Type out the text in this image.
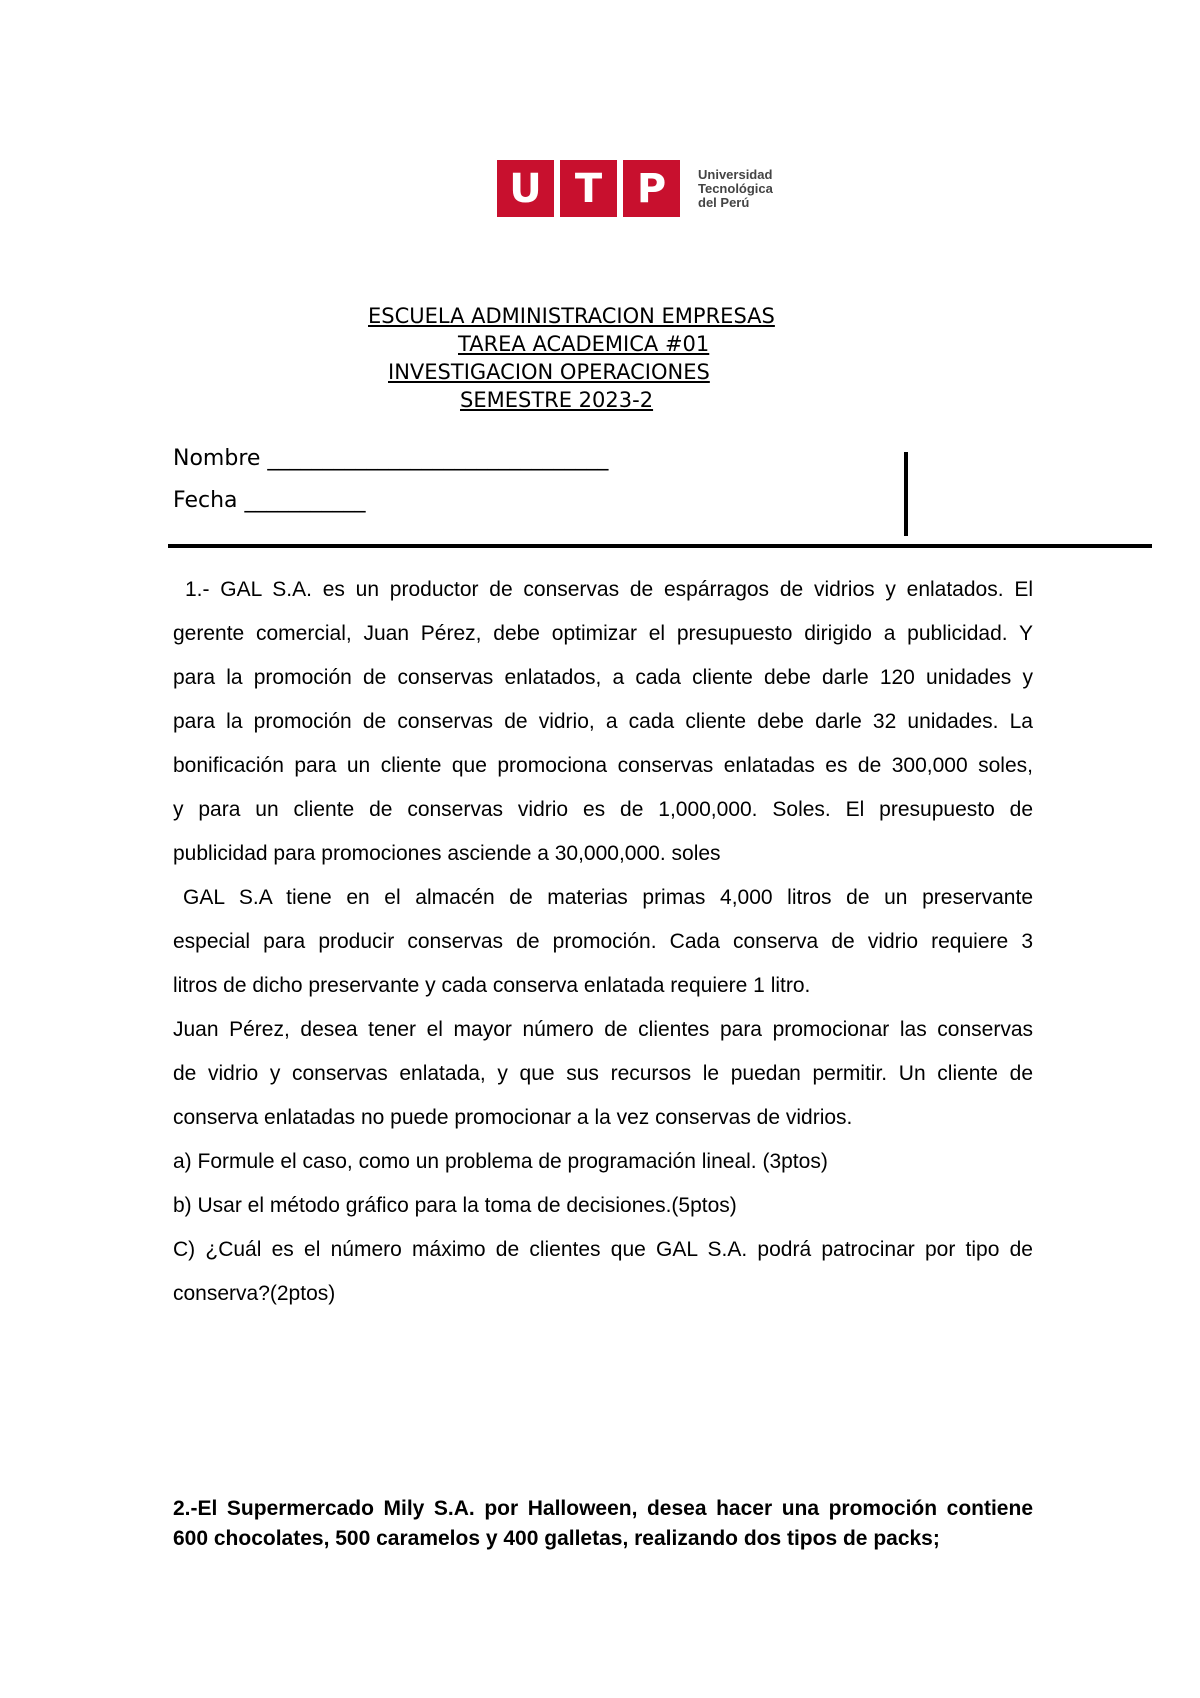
U T P	Universidad
Tecnológica
del Perú
ESCUELA ADMINISTRACION EMPRESAS
TAREA ACADEMICA #01
INVESTIGACION OPERACIONES
SEMESTRE 2023-2
Nombre _______________________________
Fecha ___________
1.- GAL S.A. es un productor de conservas de espárragos de vidrios y enlatados. El
gerente comercial, Juan Pérez, debe optimizar el presupuesto dirigido a publicidad. Y
para la promoción de conservas enlatados, a cada cliente debe darle 120 unidades y
para la promoción de conservas de vidrio, a cada cliente debe darle 32 unidades. La
bonificación para un cliente que promociona conservas enlatadas es de 300,000 soles,
y para un cliente de conservas vidrio es de 1,000,000. Soles. El presupuesto de
publicidad para promociones asciende a 30,000,000. soles
GAL S.A tiene en el almacén de materias primas 4,000 litros de un preservante
especial para producir conservas de promoción. Cada conserva de vidrio requiere 3
litros de dicho preservante y cada conserva enlatada requiere 1 litro.
Juan Pérez, desea tener el mayor número de clientes para promocionar las conservas
de vidrio y conservas enlatada, y que sus recursos le puedan permitir. Un cliente de
conserva enlatadas no puede promocionar a la vez conservas de vidrios.
a) Formule el caso, como un problema de programación lineal. (3ptos)
b) Usar el método gráfico para la toma de decisiones.(5ptos)
C) ¿Cuál es el número máximo de clientes que GAL S.A. podrá patrocinar por tipo de
conserva?(2ptos)
2.-El Supermercado Mily S.A. por Halloween, desea hacer una promoción contiene
600 chocolates, 500 caramelos y 400 galletas, realizando dos tipos de packs;
